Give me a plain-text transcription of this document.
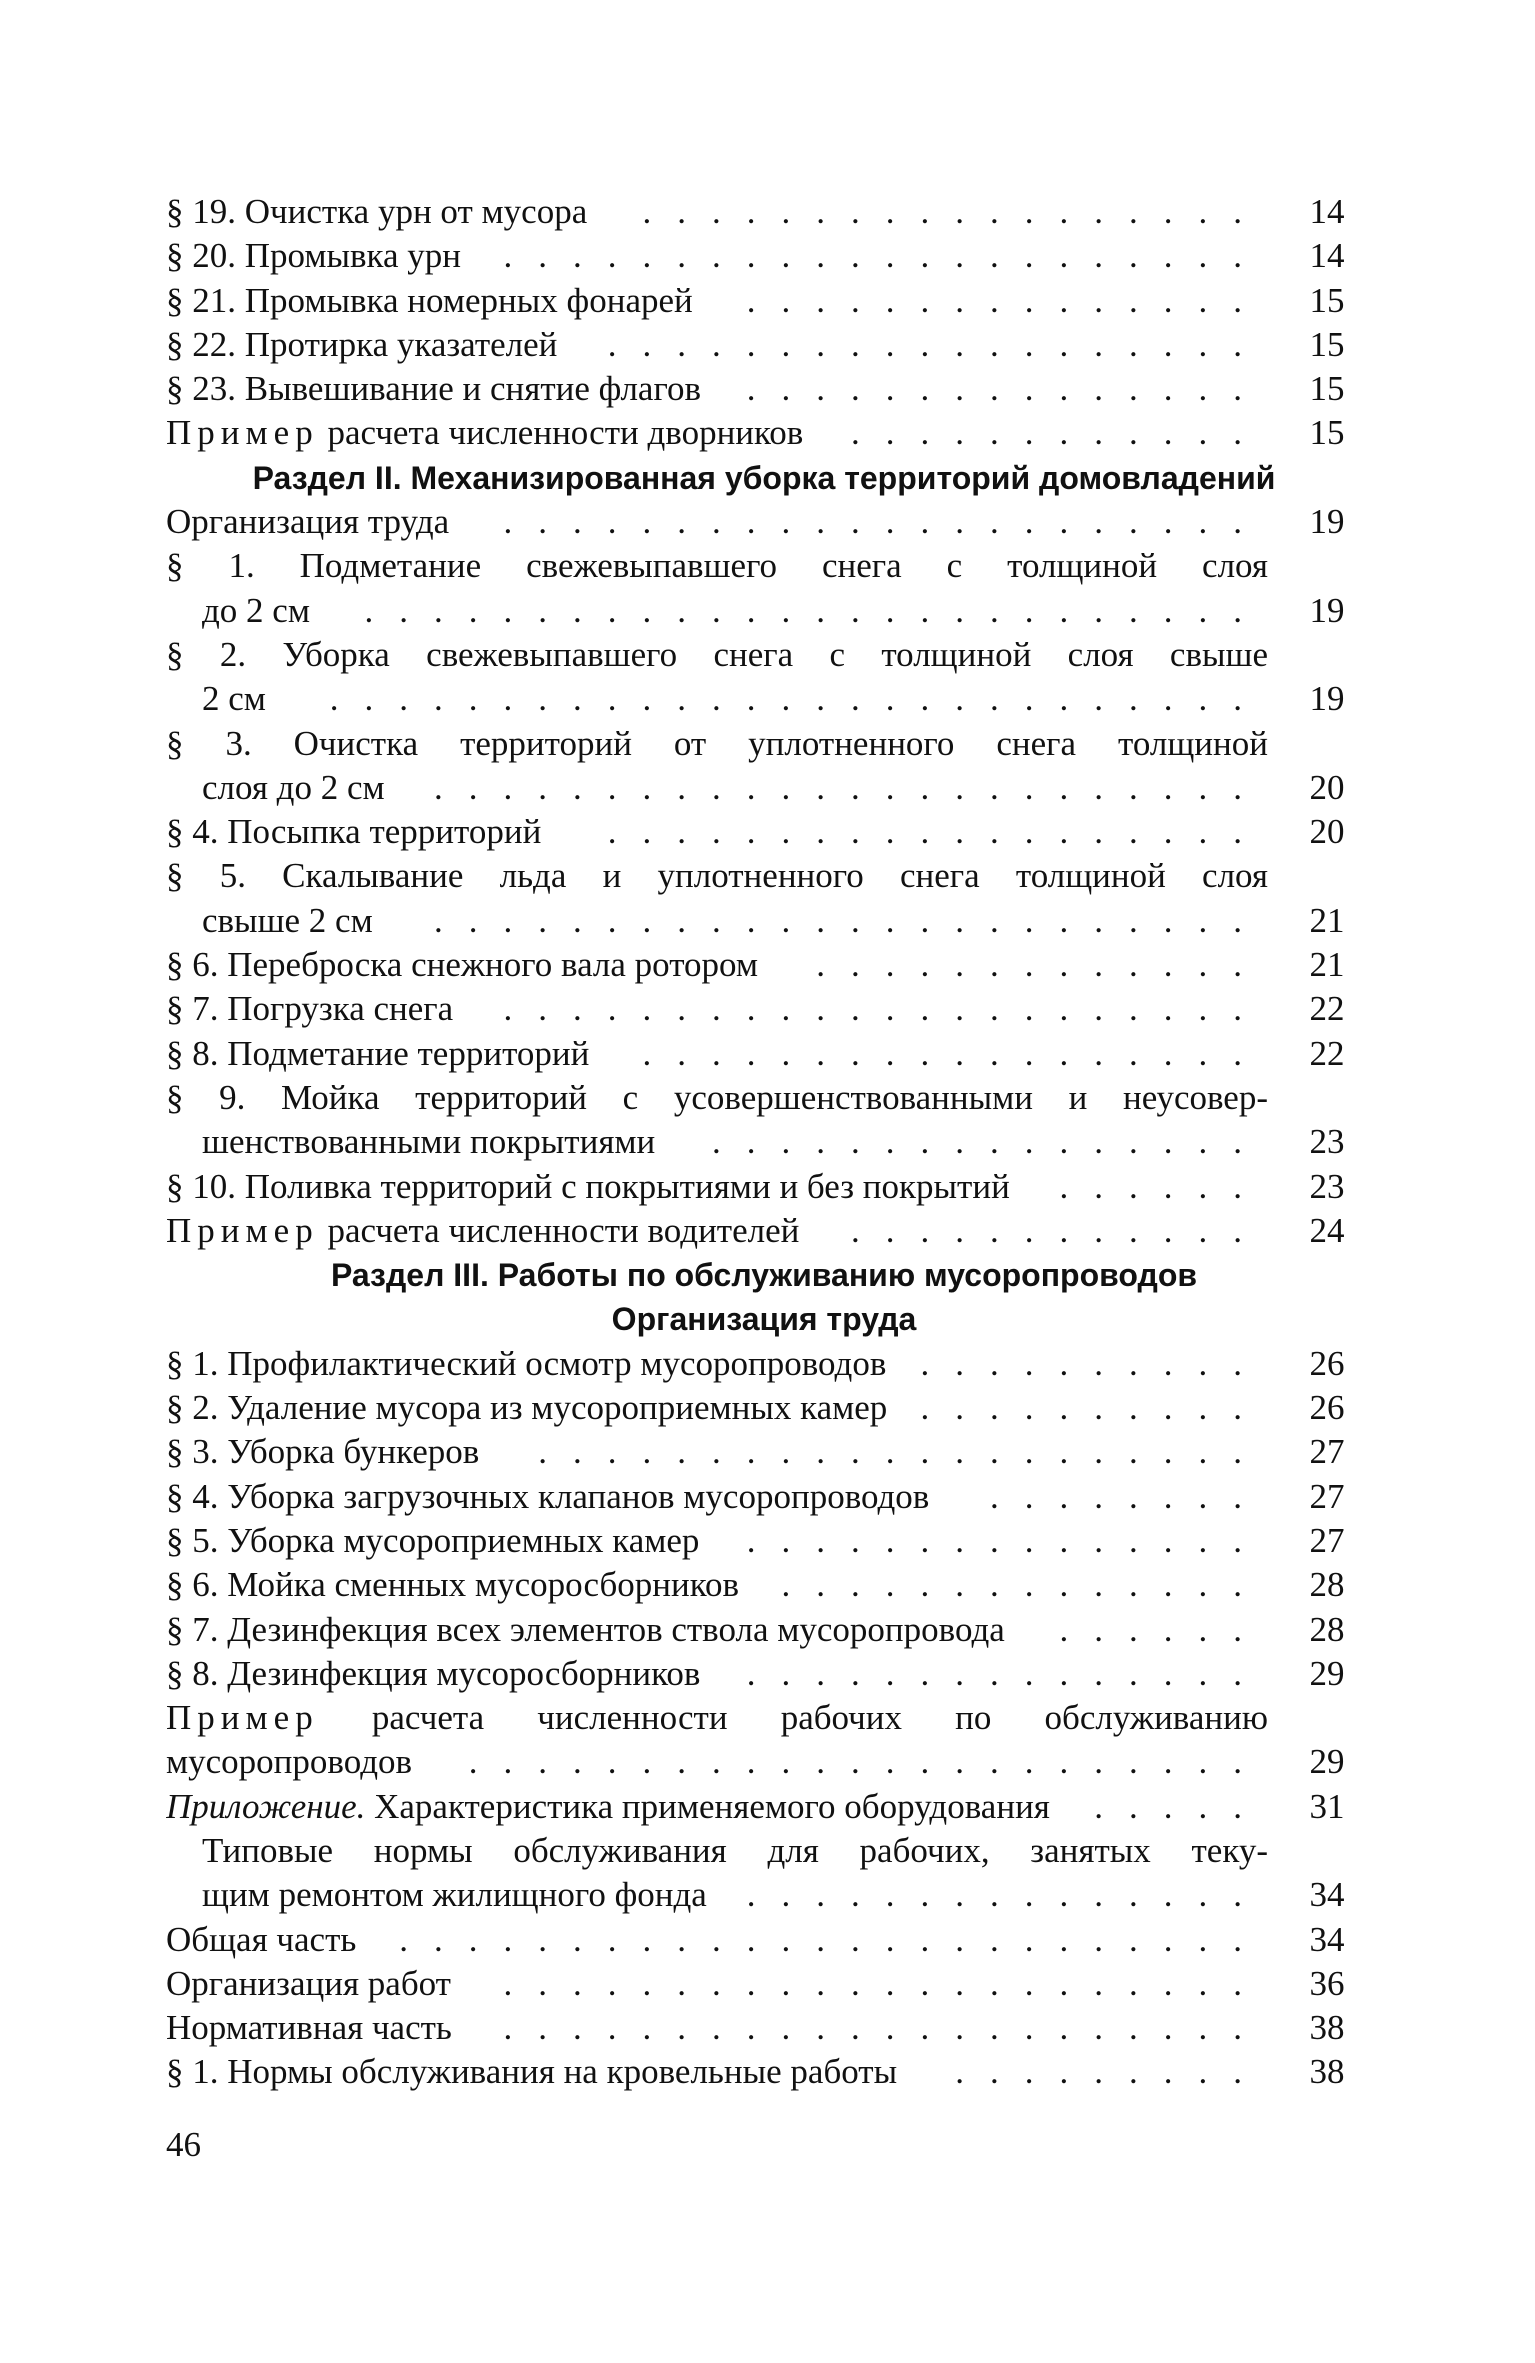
§ 19. Очистка урн от мусора	..................	14
§ 20. Промывка урн	......................	14
§ 21. Промывка номерных фонарей	...............	15
§ 22. Протирка указателей	...................	15
§ 23. Вывешивание и снятие флагов	...............	15
Пример расчета численности дворников	............	15
Раздел II. Механизированная уборка территорий домовладений
Организация труда	......................	19
§ 1. Подметание свежевыпавшего снега с толщиной слоя
до 2 см	..........................	19
§ 2. Уборка свежевыпавшего снега с толщиной слоя свыше
2 см	...........................	19
§ 3. Очистка территорий от уплотненного снега толщиной
слоя до 2 см	........................	20
§ 4. Посыпка территорий	...................	20
§ 5. Скалывание льда и уплотненного снега толщиной слоя
свыше 2 см	........................	21
§ 6. Переброска снежного вала ротором	.............	21
§ 7. Погрузка снега	......................	22
§ 8. Подметание территорий	..................	22
§ 9. Мойка территорий с усовершенствованными и неусовер-
шенствованными покрытиями	................	23
§ 10. Поливка территорий с покрытиями и без покрытий	......	23
Пример расчета численности водителей	............	24
Раздел III. Работы по обслуживанию мусоропроводов
Организация труда
§ 1. Профилактический осмотр мусоропроводов ..........	26
§ 2. Удаление мусора из мусороприемных камер ..........	26
§ 3. Уборка бункеров	.....................	27
§ 4. Уборка загрузочных клапанов мусоропроводов	........	27
§ 5. Уборка мусороприемных камер	...............	27
§ 6. Мойка сменных мусоросборников	..............	28
§ 7. Дезинфекция всех элементов ствола мусоропровода	......	28
§ 8. Дезинфекция мусоросборников	...............	29
Пример расчета численности рабочих по обслуживанию
мусоропроводов	.......................	29
Приложение. Характеристика применяемого оборудования	.....	31
Типовые нормы обслуживания для рабочих, занятых теку-
щим ремонтом жилищного фонда	...............	34
Общая часть	.........................	34
Организация работ	......................	36
Нормативная часть	......................	38
§ 1. Нормы обслуживания на кровельные работы	.........	38
46
